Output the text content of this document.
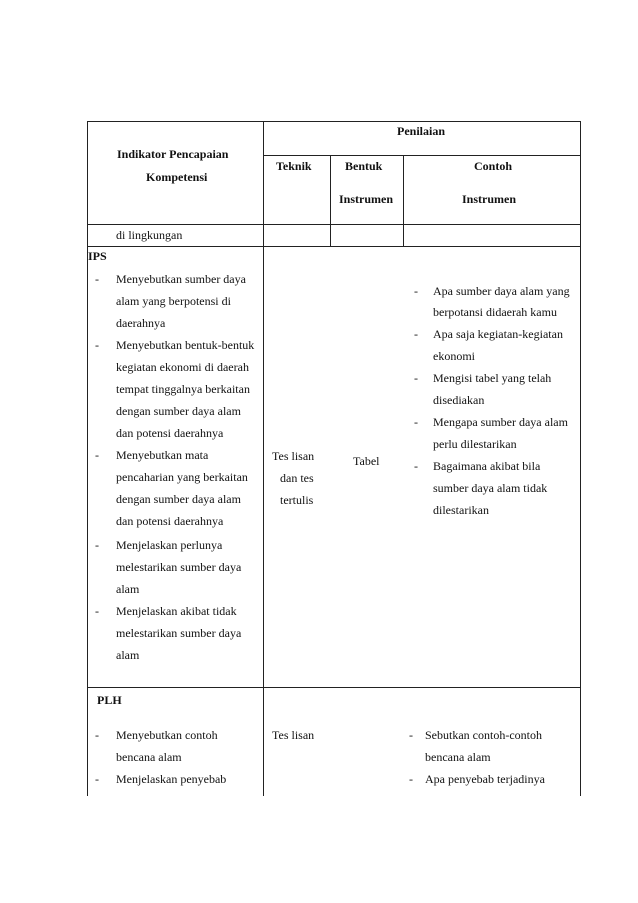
Indikator Pencapaian
Kompetensi
Penilaian
Teknik	Bentuk
Instrumen
Contoh
Instrumen
di lingkungan
IPS
-
-
-
-
-
Menyebutkan sumber daya
alam yang berpotensi di
daerahnya
Menyebutkan bentuk-bentuk
kegiatan ekonomi di daerah
tempat tinggalnya berkaitan
dengan sumber daya alam
dan potensi daerahnya
Menyebutkan mata
pencaharian yang berkaitan
dengan sumber daya alam
dan potensi daerahnya
Menjelaskan perlunya
melestarikan sumber daya
alam
Menjelaskan akibat tidak
melestarikan sumber daya
alam
Tes lisan
dan tes
tertulis
Tabel
-
-
-
-
-
Apa sumber daya alam yang
berpotansi didaerah kamu
Apa saja kegiatan-kegiatan
ekonomi
Mengisi tabel yang telah
disediakan
Mengapa sumber daya alam
perlu dilestarikan
Bagaimana akibat bila
sumber daya alam tidak
dilestarikan
PLH
-
-
Menyebutkan contoh
bencana alam
Menjelaskan penyebab
Tes lisan	-
-
Sebutkan contoh-contoh
bencana alam
Apa penyebab terjadinya
